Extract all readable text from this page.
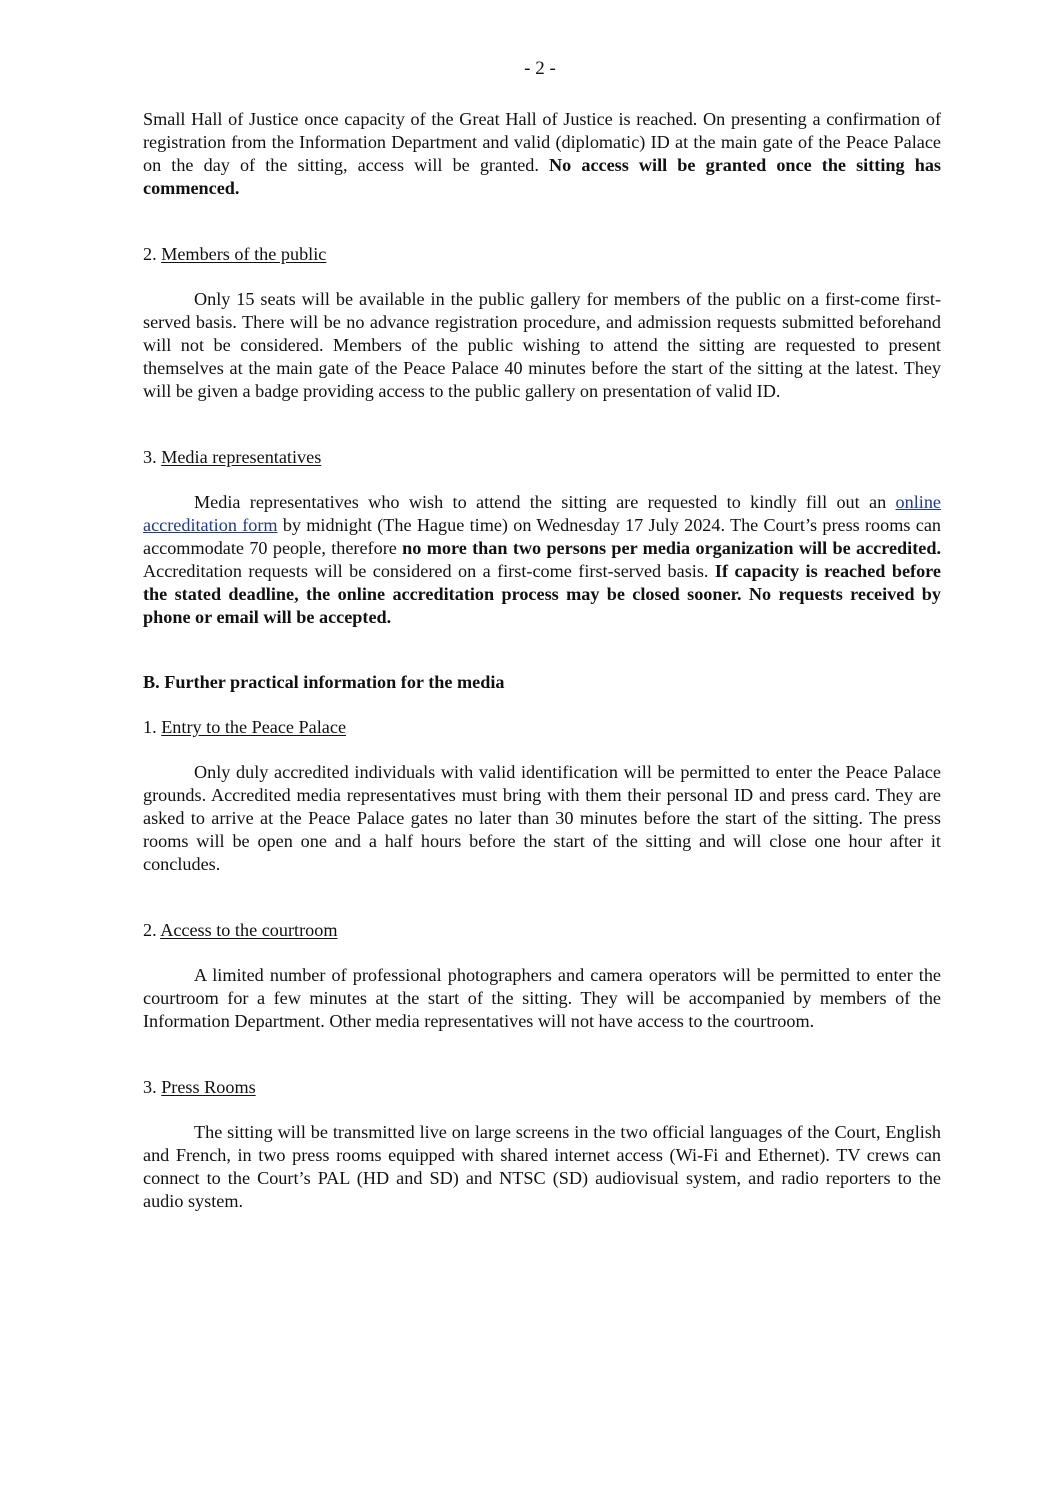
- 2 -

Small Hall of Justice once capacity of the Great Hall of Justice is reached. On presenting a confirmation of registration from the Information Department and valid (diplomatic) ID at the main gate of the Peace Palace on the day of the sitting, access will be granted. No access will be granted once the sitting has commenced.

2. Members of the public

Only 15 seats will be available in the public gallery for members of the public on a first-come first-served basis. There will be no advance registration procedure, and admission requests submitted beforehand will not be considered. Members of the public wishing to attend the sitting are requested to present themselves at the main gate of the Peace Palace 40 minutes before the start of the sitting at the latest. They will be given a badge providing access to the public gallery on presentation of valid ID.

3. Media representatives

Media representatives who wish to attend the sitting are requested to kindly fill out an online accreditation form by midnight (The Hague time) on Wednesday 17 July 2024. The Court’s press rooms can accommodate 70 people, therefore no more than two persons per media organization will be accredited. Accreditation requests will be considered on a first-come first-served basis. If capacity is reached before the stated deadline, the online accreditation process may be closed sooner. No requests received by phone or email will be accepted.

B. Further practical information for the media
1. Entry to the Peace Palace

Only duly accredited individuals with valid identification will be permitted to enter the Peace Palace grounds. Accredited media representatives must bring with them their personal ID and press card. They are asked to arrive at the Peace Palace gates no later than 30 minutes before the start of the sitting. The press rooms will be open one and a half hours before the start of the sitting and will close one hour after it concludes.

2. Access to the courtroom

A limited number of professional photographers and camera operators will be permitted to enter the courtroom for a few minutes at the start of the sitting. They will be accompanied by members of the Information Department. Other media representatives will not have access to the courtroom.

3. Press Rooms

The sitting will be transmitted live on large screens in the two official languages of the Court, English and French, in two press rooms equipped with shared internet access (Wi-Fi and Ethernet). TV crews can connect to the Court’s PAL (HD and SD) and NTSC (SD) audiovisual system, and radio reporters to the audio system.
